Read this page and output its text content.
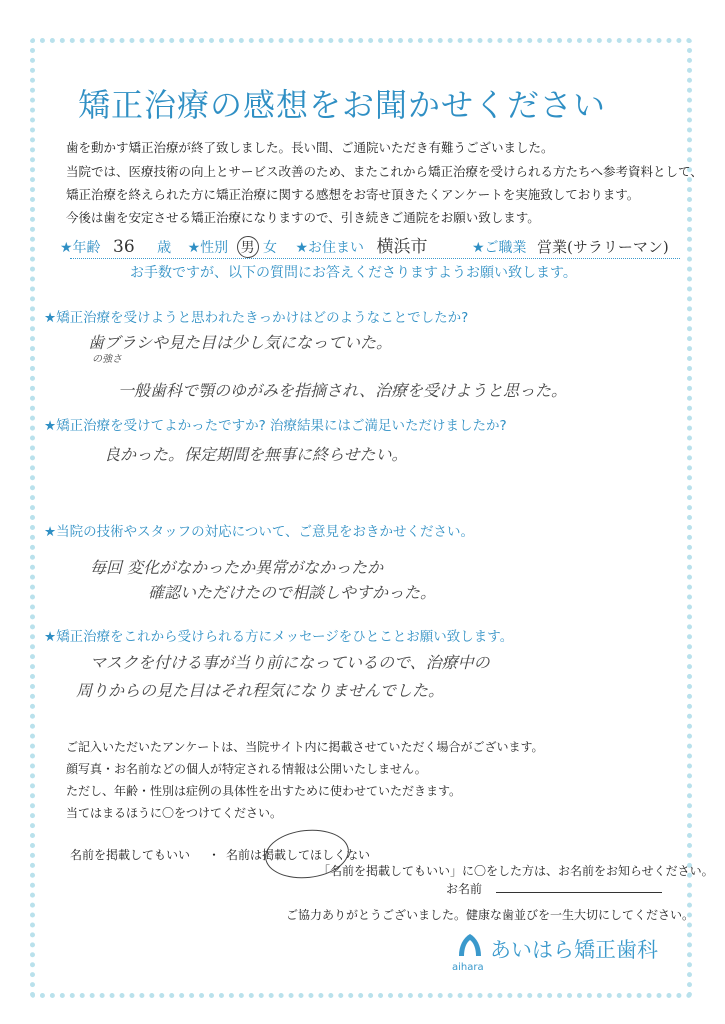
矯正治療の感想をお聞かせください
歯を動かす矯正治療が終了致しました。長い間、ご通院いただき有難うございました。
当院では、医療技術の向上とサービス改善のため、またこれから矯正治療を受けられる方たちへ参考資料として、
矯正治療を終えられた方に矯正治療に関する感想をお寄せ頂きたくアンケートを実施致しております。
今後は歯を安定させる矯正治療になりますので、引き続きご通院をお願い致します。
★年齢 36 歳 ★性別 男 女 ★お住まい 横浜市	★ご職業 営業(サラリーマン)
お手数ですが、以下の質問にお答えくださりますようお願い致します。
★矯正治療を受けようと思われたきっかけはどのようなことでしたか?
歯ブラシや見た目は少し気になっていた。
の強さ
一般歯科で顎のゆがみを指摘され、治療を受けようと思った。
★矯正治療を受けてよかったですか? 治療結果にはご満足いただけましたか?
良かった。保定期間を無事に終らせたい。
★当院の技術やスタッフの対応について、ご意見をおきかせください。
毎回 変化がなかったか異常がなかったか
確認いただけたので相談しやすかった。
★矯正治療をこれから受けられる方にメッセージをひとことお願い致します。
マスクを付ける事が当り前になっているので、治療中の
周りからの見た目はそれ程気になりませんでした。
ご記入いただいたアンケートは、当院サイト内に掲載させていただく場合がございます。
顔写真・お名前などの個人が特定される情報は公開いたしません。
ただし、年齢・性別は症例の具体性を出すために使わせていただきます。
当てはまるほうに〇をつけてください。
名前を掲載してもいい ・ 名前は掲載してほしくない
「名前を掲載してもいい」に〇をした方は、お名前をお知らせください。
お名前
ご協力ありがとうございました。健康な歯並びを一生大切にしてください。
あいはら矯正歯科
aihara
